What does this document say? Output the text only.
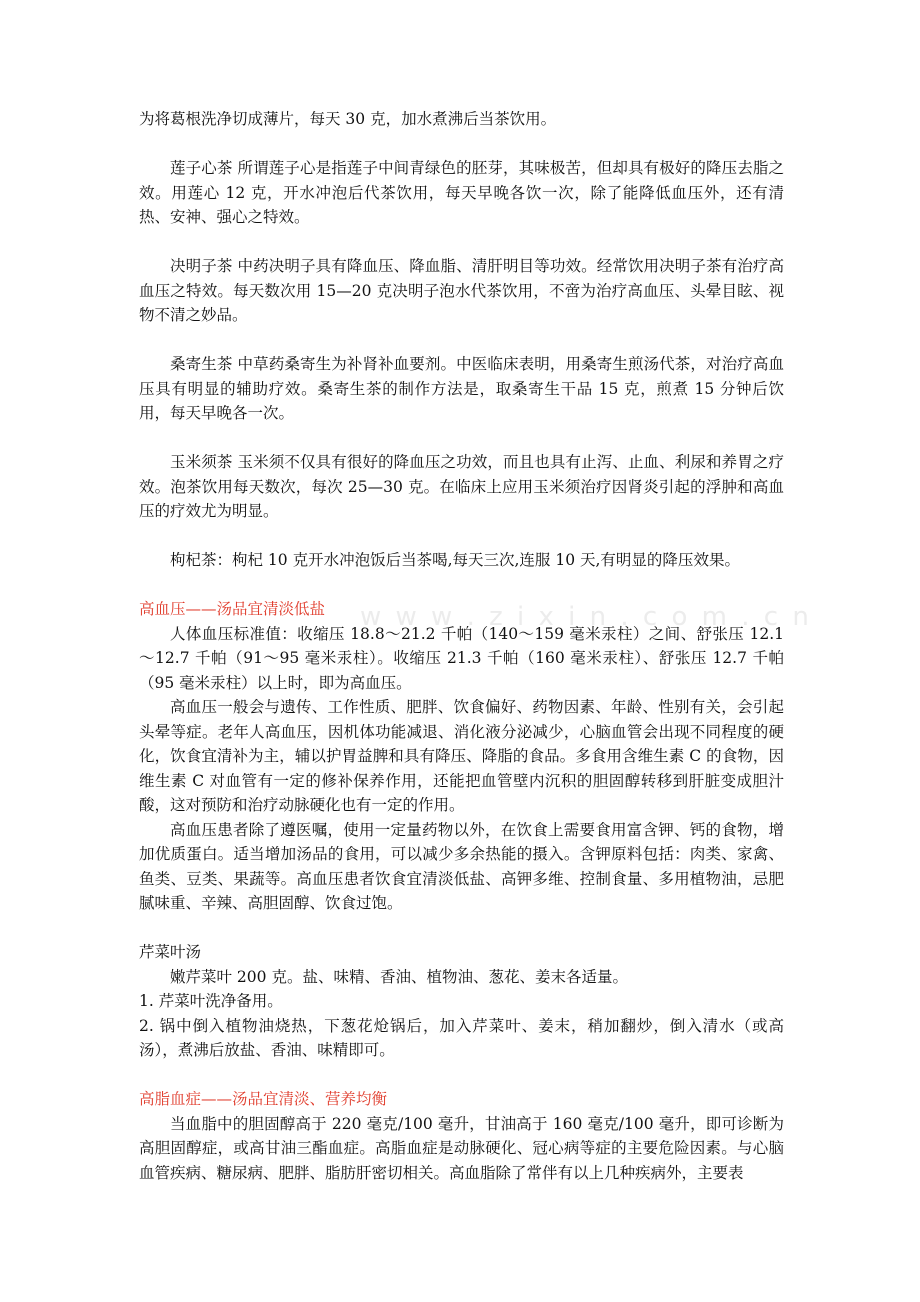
w w w . z i x i n . c o m . c n

为将葛根洗净切成薄片，每天 30 克，加水煮沸后当茶饮用。

莲子心茶 所谓莲子心是指莲子中间青绿色的胚芽，其味极苦，但却具有极好的降压去脂之效。用莲心 12 克，开水冲泡后代茶饮用，每天早晚各饮一次，除了能降低血压外，还有清热、安神、强心之特效。

决明子茶 中药决明子具有降血压、降血脂、清肝明目等功效。经常饮用决明子茶有治疗高血压之特效。每天数次用 15—20 克决明子泡水代茶饮用，不啻为治疗高血压、头晕目眩、视物不清之妙品。

桑寄生茶 中草药桑寄生为补肾补血要剂。中医临床表明，用桑寄生煎汤代茶，对治疗高血压具有明显的辅助疗效。桑寄生茶的制作方法是，取桑寄生干品 15 克，煎煮 15 分钟后饮用，每天早晚各一次。

玉米须茶 玉米须不仅具有很好的降血压之功效，而且也具有止泻、止血、利尿和养胃之疗效。泡茶饮用每天数次，每次 25—30 克。在临床上应用玉米须治疗因肾炎引起的浮肿和高血压的疗效尤为明显。

枸杞茶：枸杞 10 克开水冲泡饭后当茶喝,每天三次,连服 10 天,有明显的降压效果。

高血压——汤品宜清淡低盐

人体血压标准值：收缩压 18.8～21.2 千帕（140～159 毫米汞柱）之间、舒张压 12.1～12.7 千帕（91～95 毫米汞柱）。收缩压 21.3 千帕（160 毫米汞柱）、舒张压 12.7 千帕（95 毫米汞柱）以上时，即为高血压。

高血压一般会与遗传、工作性质、肥胖、饮食偏好、药物因素、年龄、性别有关，会引起头晕等症。老年人高血压，因机体功能减退、消化液分泌减少，心脑血管会出现不同程度的硬化，饮食宜清补为主，辅以护胃益脾和具有降压、降脂的食品。多食用含维生素 C 的食物，因维生素 C 对血管有一定的修补保养作用，还能把血管壁内沉积的胆固醇转移到肝脏变成胆汁酸，这对预防和治疗动脉硬化也有一定的作用。

高血压患者除了遵医嘱，使用一定量药物以外，在饮食上需要食用富含钾、钙的食物，增加优质蛋白。适当增加汤品的食用，可以减少多余热能的摄入。含钾原料包括：肉类、家禽、鱼类、豆类、果蔬等。高血压患者饮食宜清淡低盐、高钾多维、控制食量、多用植物油，忌肥腻味重、辛辣、高胆固醇、饮食过饱。

芹菜叶汤

嫩芹菜叶 200 克。盐、味精、香油、植物油、葱花、姜末各适量。

1. 芹菜叶洗净备用。

2. 锅中倒入植物油烧热，下葱花炝锅后，加入芹菜叶、姜末，稍加翻炒，倒入清水（或高汤），煮沸后放盐、香油、味精即可。

高脂血症——汤品宜清淡、营养均衡

当血脂中的胆固醇高于 220 毫克/100 毫升，甘油高于 160 毫克/100 毫升，即可诊断为高胆固醇症，或高甘油三酯血症。高脂血症是动脉硬化、冠心病等症的主要危险因素。与心脑血管疾病、糖尿病、肥胖、脂肪肝密切相关。高血脂除了常伴有以上几种疾病外，主要表
